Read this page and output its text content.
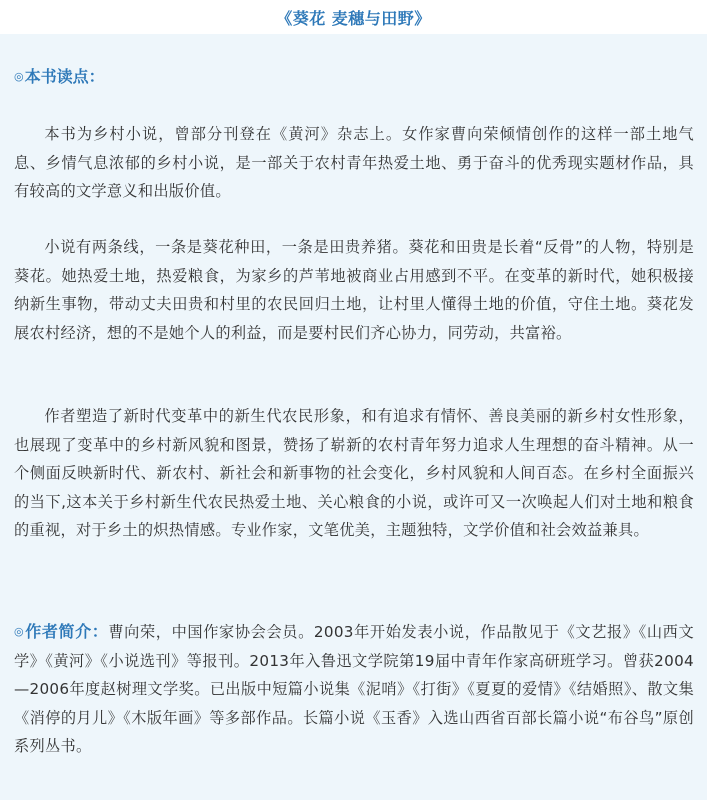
《葵花 麦穗与田野》
◎本书读点：

本书为乡村小说，曾部分刊登在《黄河》杂志上。女作家曹向荣倾情创作的这样一部土地气息、乡情气息浓郁的乡村小说，是一部关于农村青年热爱土地、勇于奋斗的优秀现实题材作品，具有较高的文学意义和出版价值。

小说有两条线，一条是葵花种田，一条是田贵养猪。葵花和田贵是长着“反骨”的人物，特别是葵花。她热爱土地，热爱粮食，为家乡的芦苇地被商业占用感到不平。在变革的新时代，她积极接纳新生事物，带动丈夫田贵和村里的农民回归土地，让村里人懂得土地的价值，守住土地。葵花发展农村经济，想的不是她个人的利益，而是要村民们齐心协力，同劳动，共富裕。

作者塑造了新时代变革中的新生代农民形象，和有追求有情怀、善良美丽的新乡村女性形象，也展现了变革中的乡村新风貌和图景，赞扬了崭新的农村青年努力追求人生理想的奋斗精神。从一个侧面反映新时代、新农村、新社会和新事物的社会变化，乡村风貌和人间百态。在乡村全面振兴的当下,这本关于乡村新生代农民热爱土地、关心粮食的小说，或许可又一次唤起人们对土地和粮食的重视，对于乡土的炽热情感。专业作家，文笔优美，主题独特，文学价值和社会效益兼具。

◎作者简介：曹向荣，中国作家协会会员。2003年开始发表小说，作品散见于《文艺报》《山西文学》《黄河》《小说选刊》等报刊。2013年入鲁迅文学院第19届中青年作家高研班学习。曾获2004—2006年度赵树理文学奖。已出版中短篇小说集《泥哨》《打街》《夏夏的爱情》《结婚照》、散文集《消停的月儿》《木版年画》等多部作品。长篇小说《玉香》入选山西省百部长篇小说“布谷鸟”原创系列丛书。
